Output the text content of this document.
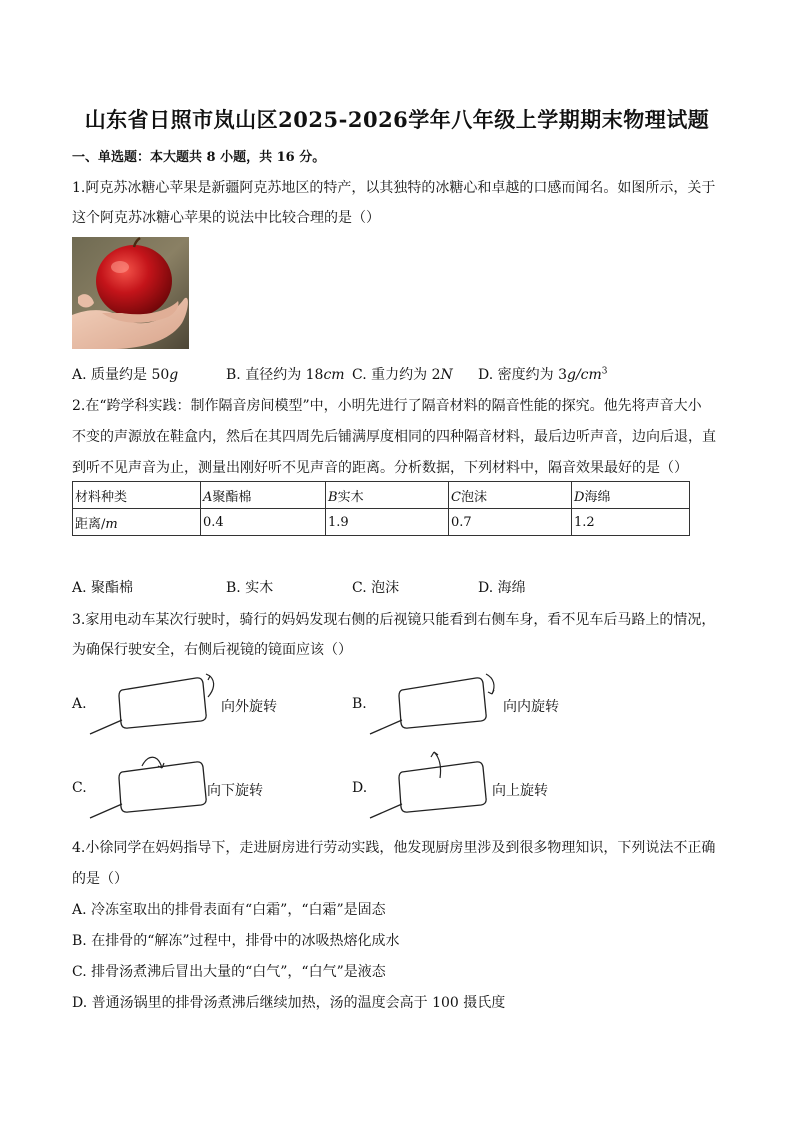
山东省日照市岚山区2025-2026学年八年级上学期期末物理试题
一、单选题：本大题共 8 小题，共 16 分。
1.阿克苏冰糖心苹果是新疆阿克苏地区的特产，以其独特的冰糖心和卓越的口感而闻名。如图所示，关于
这个阿克苏冰糖心苹果的说法中比较合理的是（）
A. 质量约是 50g	B. 直径约为 18cm C. 重力约为 2N D. 密度约为 $3g/cm^3$
2.在“跨学科实践：制作隔音房间模型”中，小明先进行了隔音材料的隔音性能的探究。他先将声音大小
不变的声源放在鞋盒内，然后在其四周先后铺满厚度相同的四种隔音材料，最后边听声音，边向后退，直
到听不见声音为止，测量出刚好听不见声音的距离。分析数据，下列材料中，隔音效果最好的是（）
材料种类	A聚酯棉	B实木	C泡沫	D海绵
距离/m	0.4	1.9	0.7	1.2
A. 聚酯棉	B. 实木	C. 泡沫	D. 海绵
3.家用电动车某次行驶时，骑行的妈妈发现右侧的后视镜只能看到右侧车身，看不见车后马路上的情况，
为确保行驶安全，右侧后视镜的镜面应该（）
A.	向外旋转	B.	向内旋转
C.	向下旋转	D.	向上旋转
4.小徐同学在妈妈指导下，走进厨房进行劳动实践，他发现厨房里涉及到很多物理知识，下列说法不正确
的是（）
A. 冷冻室取出的排骨表面有“白霜”，“白霜”是固态
B. 在排骨的“解冻”过程中，排骨中的冰吸热熔化成水
C. 排骨汤煮沸后冒出大量的“白气”，“白气”是液态
D. 普通汤锅里的排骨汤煮沸后继续加热，汤的温度会高于 100 摄氏度
